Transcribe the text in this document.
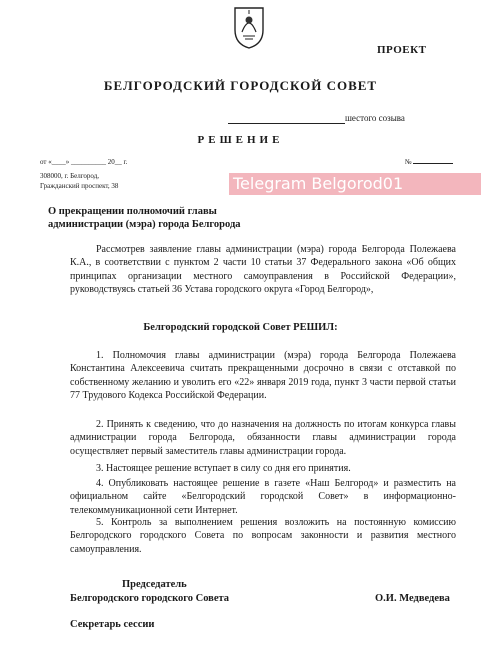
ПРОЕКТ
БЕЛГОРОДСКИЙ ГОРОДСКОЙ СОВЕТ
шестого созыва
РЕШЕНИЕ
от «____» __________ 20__ г.	№
308000, г. Белгород,
Гражданский проспект, 38	Telegram Belgorod01
О прекращении полномочий главы
администрации (мэра) города Белгорода
Рассмотрев заявление главы администрации (мэра) города Белгорода Полежаева К.А., в соответствии с пунктом 2 части 10 статьи 37 Федерального закона «Об общих принципах организации местного самоуправления в Российской Федерации», руководствуясь статьей 36 Устава городского округа «Город Белгород»,
Белгородский городской Совет РЕШИЛ:
1. Полномочия главы администрации (мэра) города Белгорода Полежаева Константина Алексеевича считать прекращенными досрочно в связи с отставкой по собственному желанию и уволить его «22» января 2019 года, пункт 3 части первой статьи 77 Трудового Кодекса Российской Федерации.
2. Принять к сведению, что до назначения на должность по итогам конкурса главы администрации города Белгорода, обязанности главы администрации города осуществляет первый заместитель главы администрации города.
3. Настоящее решение вступает в силу со дня его принятия.
4. Опубликовать настоящее решение в газете «Наш Белгород» и разместить на официальном сайте «Белгородский городской Совет» в информационно-телекоммуникационной сети Интернет.
5. Контроль за выполнением решения возложить на постоянную комиссию Белгородского городского Совета по вопросам законности и развития местного самоуправления.
Председатель
Белгородского городского Совета	О.И. Медведева
Секретарь сессии
